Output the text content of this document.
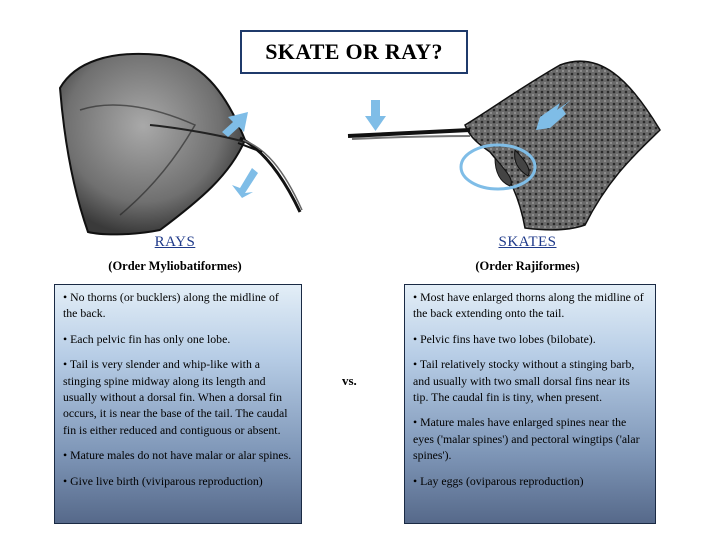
SKATE OR RAY?
RAYS
(Order Myliobatiformes)
SKATES
(Order Rajiformes)

• No thorns (or bucklers) along the midline of the back.

• Each pelvic fin has only one lobe.

• Tail is very slender and whip-like with a stinging spine midway along its length and usually without a dorsal fin. When a dorsal fin occurs, it is near the base of the tail. The caudal fin is either reduced and contiguous or absent.

• Mature males do not have malar or alar spines.

• Give live birth (viviparous reproduction)

vs.

• Most have enlarged thorns along the midline of the back extending onto the tail.

• Pelvic fins have two lobes (bilobate).

• Tail relatively stocky without a stinging barb, and usually with two small dorsal fins near its tip. The caudal fin is tiny, when present.

• Mature males have enlarged spines near the eyes ('malar spines') and pectoral wingtips ('alar spines').

• Lay eggs (oviparous reproduction)
